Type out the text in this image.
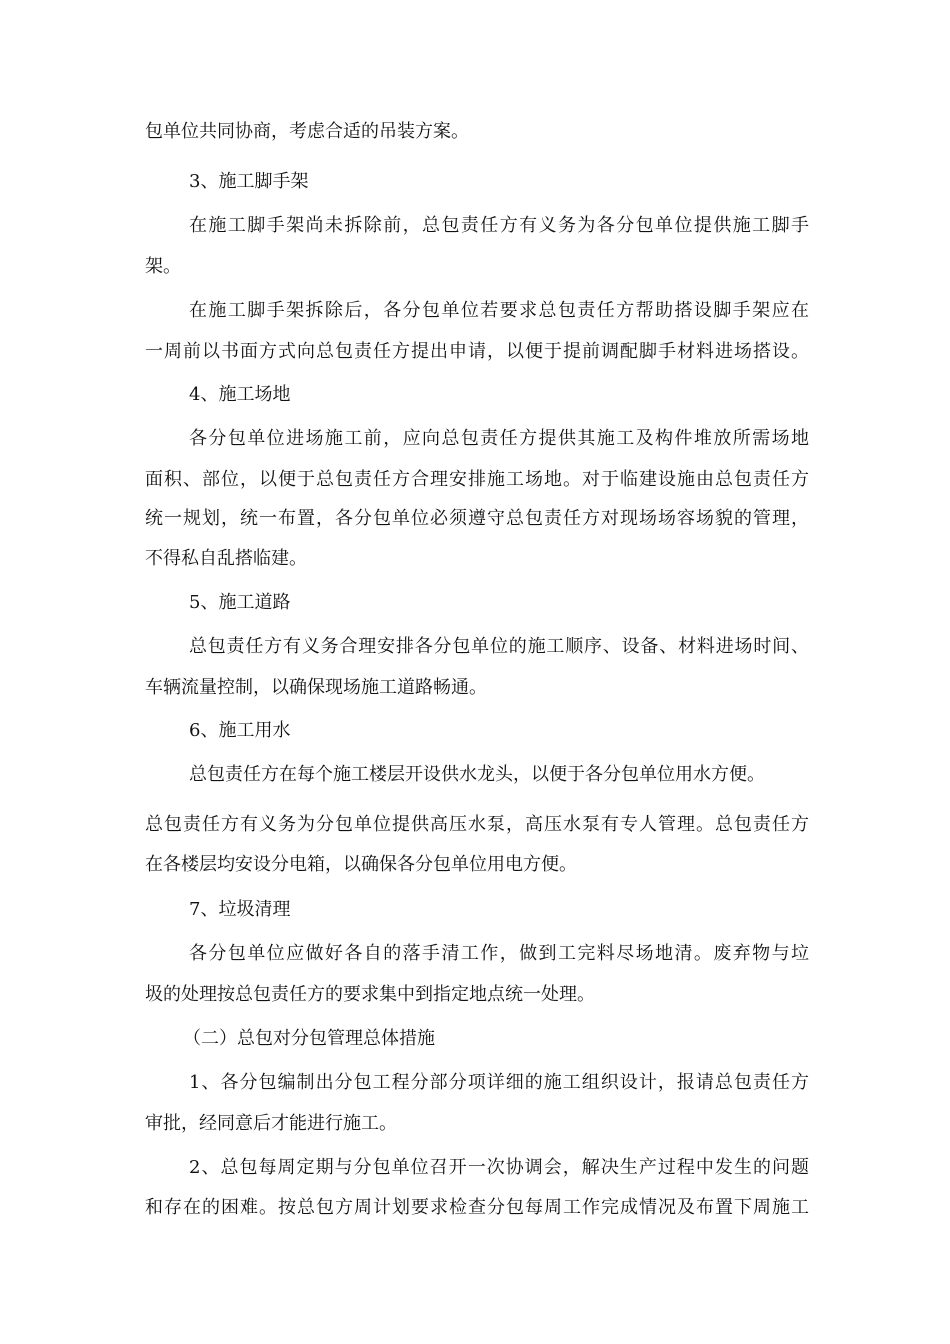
包单位共同协商，考虑合适的吊装方案。
3、施工脚手架
在施工脚手架尚未拆除前，总包责任方有义务为各分包单位提供施工脚手
架。
在施工脚手架拆除后，各分包单位若要求总包责任方帮助搭设脚手架应在
一周前以书面方式向总包责任方提出申请，以便于提前调配脚手材料进场搭设。
4、施工场地
各分包单位进场施工前，应向总包责任方提供其施工及构件堆放所需场地
面积、部位，以便于总包责任方合理安排施工场地。对于临建设施由总包责任方
统一规划，统一布置，各分包单位必须遵守总包责任方对现场场容场貌的管理，
不得私自乱搭临建。
5、施工道路
总包责任方有义务合理安排各分包单位的施工顺序、设备、材料进场时间、
车辆流量控制，以确保现场施工道路畅通。
6、施工用水
总包责任方在每个施工楼层开设供水龙头，以便于各分包单位用水方便。
总包责任方有义务为分包单位提供高压水泵，高压水泵有专人管理。总包责任方
在各楼层均安设分电箱，以确保各分包单位用电方便。
7、垃圾清理
各分包单位应做好各自的落手清工作，做到工完料尽场地清。废弃物与垃
圾的处理按总包责任方的要求集中到指定地点统一处理。
（二）总包对分包管理总体措施
1、各分包编制出分包工程分部分项详细的施工组织设计，报请总包责任方
审批，经同意后才能进行施工。
2、总包每周定期与分包单位召开一次协调会，解决生产过程中发生的问题
和存在的困难。按总包方周计划要求检查分包每周工作完成情况及布置下周施工
